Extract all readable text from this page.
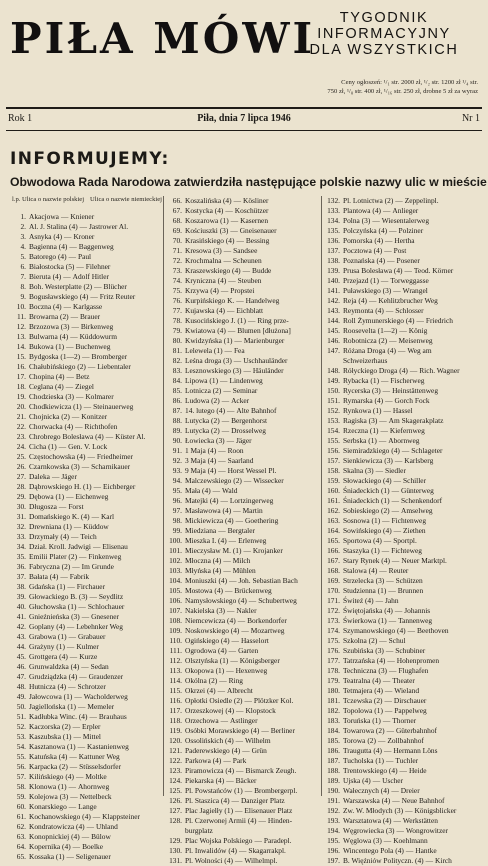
PIŁA MÓWI	TYGODNIK
INFORMACYJNY
DLA WSZYSTKICH
Ceny ogłoszeń: ¹/₁ str. 2000 zł, ¹/₂ str. 1200 zł ¹/₄ str.
750 zł, ¹/₈ str. 400 zł, ¹/₁₆ str. 250 zł, drobne 5 zł za wyraz
Rok 1	Piła, dnia 7 lipca 1946	Nr 1
INFORMUJEMY:
Obwodowa Rada Narodowa zatwierdziła następujące polskie nazwy ulic w mieście
l.p. Ulica o nazwie polskiej Ulica o nazwie niemieckiej
1. Akacjowa — Kniener
2. Al. J. Stalina (4) — Jastrower Al.
3. Asnyka (4) — Kroner
4. Bagienna (4) — Baggenweg
5. Batorego (4) — Paul
6. Białostocka (5) — Filehner
7. Bieruta (4) — Adolf Hitler
8. Boh. Westerplatte (2) — Blücher
9. Bogusławskiego (4) — Fritz Reuter
10. Boczna (4) — Karlgasse
11. Browarna (2) — Brauer
12. Brzozowa (3) — Birkenweg
13. Bulwarna (4) — Küddowurm
14. Bukowa (1) — Buchenweg
15. Bydgoska (1—2) — Bromberger
16. Chałubińskiego (2) — Liebentaler
17. Chopina (4) — Betz
18. Ceglana (4) — Ziegel
19. Chodzieska (3) — Kolmarer
20. Chodkiewicza (1) — Steinauerweg
21. Chojnicka (2) — Konitzer
22. Chorwacka (4) — Richthofen
23. Chrobrego Bolesława (4) — Küster Al.
24. Cicha (1) — Gen. V. Lock
25. Częstochowska (4) — Friedheimer
26. Czarnkowska (3) — Scharnikauer
27. Daleka — Jäger
28. Dąbrowskiego H. (1) — Eichberger
29. Dębowa (1) — Eichenweg
30. Długosza — Forst
31. Domańskiego K. (4) — Karl
32. Drewniana (1) — Küddow
33. Drzymały (4) — Teich
34. Dział. Kroll. Jadwigi — Elisenau
35. Emilii Plater (2) — Finkenweg
36. Fabryczna (2) — Im Grunde
37. Bałata (4) — Fabrik
38. Gdańska (1) — Firchauer
39. Głowackiego B. (3) — Seydlitz
40. Głuchowska (1) — Schlochauer
41. Gnieźnieńska (3) — Gnesener
42. Goplany (4) — Lebehnker Weg
43. Grabowa (1) — Grabauer
44. Grażyny (1) — Kulmer
45. Grottgera (4) — Kurze
46. Grunwaldzka (4) — Sedan
47. Grudziądzka (4) — Graudenzer
48. Hutnicza (4) — Schrotzer
49. Jałowcowa (1) — Wacholderweg
50. Jagiellońska (1) — Memeler
51. Kadłubka Winc. (4) — Brauhaus
52. Kaczorska (2) — Erpler
53. Kaszubska (1) — Mittel
54. Kasztanowa (1) — Kastanienweg
55. Katuńska (4) — Kattuner Weg
56. Karpacka (2) — Stüsselsdorfer
57. Kilińskiego (4) — Moltke
58. Klonowa (1) — Ahornweg
59. Kolejowa (3) — Nettelbeck
60. Konarskiego — Lange
61. Kochanowskiego (4) — Klappsteiner
62. Kondratowicza (4) — Uhland
63. Konopnickiej (4) — Bülow
64. Kopernika (4) — Boelke
65. Kossaka (1) — Seligenauer
66. Koszalińska (4) — Kösliner
67. Kostycka (4) — Koschützer
68. Koszarowa (1) — Kasernen
69. Kościuszki (3) — Gneisenauer
70. Krasińskiego (4) — Bessing
71. Kresowa (3) — Sandsee
72. Krochmalna — Scheunen
73. Kraszewskiego (4) — Budde
74. Kryniczna (4) — Steuben
75. Krzywa (4) — Propstei
76. Kurpińskiego K. — Handelweg
77. Kujawska (4) — Eichblatt
78. Kusocińskiego J. (1) — Ring prze-
79. Kwiatowa (4) — Blumen [dłużona]
80. Kwidzyńska (1) — Marienburger
81. Lelewela (1) — Fea
82. Leśna droga (3) — Uschhauländer
83. Lesznowskiego (3) — Häuländer
84. Lipowa (1) — Lindenweg
85. Lotnicza (2) — Seminar
86. Ludowa (2) — Acker
87. 14. lutego (4) — Alte Bahnhof
88. Lutycka (2) — Bergenhorst
89. Lutycka (2) — Drosselweg
90. Łowiecka (3) — Jäger
91. 1 Maja (4) — Roon
92. 3 Maja (4) — Saarland
93. 9 Maja (4) — Horst Wessel Pl.
94. Malczewskiego (2) — Wissecker
95. Mała (4) — Wald
96. Matejki (4) — Lortzingerweg
97. Masławowa (4) — Martin
98. Mickiewicza (4) — Goethering
99. Miedziana — Bergtaler
100. Mieszka I. (4) — Erlenweg
101. Mieczysław M. (1) — Krojanker
102. Młoczna (4) — Milch
103. Młyńska (4) — Mühlen
104. Moniuszki (4) — Joh. Sebastian Bach
105. Mostowa (4) — Brückenweg
106. Namysłowskiego (4) — Schubertweg
107. Nakielska (3) — Nakler
108. Niemcewicza (4) — Borkendorfer
109. Noskowskiego (4) — Mozartweg
110. Ogińskiego (4) — Hasselort
111. Ogrodowa (4) — Garten
112. Olsztyńska (1) — Königsberger
113. Okopowa (1) — Hexenweg
114. Okólna (2) — Ring
115. Okrzei (4) — Albrecht
116. Opłotki Osiedle (2) — Plötzker Kol.
117. Orzeszkowej (4) — Klopstock
118. Orzechowa — Astlinger
119. Osóbki Morawskiego (4) — Berliner
120. Ossolińskich (4) — Wilhelm
121. Paderewskiego (4) — Grün
122. Parkowa (4) — Park
123. Piramowicza (4) — Bismarck Zeugh.
124. Piekarska (4) — Bäcker
125. Pl. Powstańców (1) — Brombergerpl.
126. Pl. Staszica (4) — Danziger Platz
127. Plac Jagielły (1) — Elisenauer Platz
128. Pl. Czerwonej Armii (4) — Hinden-
burgplatz
129. Plac Wojska Polskiego — Paradepl.
130. Pl. Inwalidów (4) — Skagarrakpl.
131. Pl. Wolności (4) — Wilhelmpl.
132. Pl. Lotnictwa (2) — Zeppelinpl.
133. Plantowa (4) — Anlieger
134. Polna (3) — Wiesentalerweg
135. Polczyńska (4) — Polziner
136. Pomorska (4) — Hertha
137. Pocztowa (4) — Post
138. Poznańska (4) — Posener
139. Prusa Bolesława (4) — Teod. Körner
140. Przejazd (1) — Torweggasse
141. Puławskiego (3) — Wrangel
142. Reja (4) — Kehlitzbrucher Weg
143. Reymonta (4) — Schlosser
144. Roll Żymunerskiego (4) — Friedrich
145. Roosevelta (1—2) — König
146. Robotnicza (2) — Meisenweg
147. Różana Droga (4) — Weg am
Schweizerhaus
148. Rółyckiego Droga (4) — Rich. Wagner
149. Rybacka (1) — Fischerweg
150. Rycerska (3) — Heinstättenweg
151. Rymarska (4) — Gorch Fock
152. Rynkowa (1) — Hassel
153. Ragiska (3) — Am Skagerakplatz
154. Rzeczna (1) — Kiefernweg
155. Serbska (1) — Abornweg
156. Siemiradzkiego (4) — Schlageter
157. Sienkiewicza (3) — Karlsberg
158. Skalna (3) — Siedler
159. Słowackiego (4) — Schiller
160. Śniadeckich (1) — Günterweg
161. Śniadeckich (1) — Schenkendorf
162. Sobieskiego (2) — Amselweg
163. Sosnowa (1) — Fichtenweg
164. Sowińskiego (4) — Ziethen
165. Sportowa (4) — Sportpl.
166. Staszyka (1) — Fichteweg
167. Stary Rynek (4) — Neuer Marktpl.
168. Stalowa (4) — Reuter
169. Strzelecka (3) — Schützen
170. Studzienna (1) — Brunnen
171. Świteź (4) — Jahn
172. Świętojańska (4) — Johannis
173. Świerkowa (1) — Tannenweg
174. Szymanowskiego (4) — Beethoven
175. Szkolna (2) — Schul
176. Szubińska (3) — Schubiner
177. Tatrzańska (4) — Hohenpromen
178. Techniczna (3) — Flughafen
179. Teatralna (4) — Theater
180. Tetmajera (4) — Wieland
181. Tczewska (2) — Dirschauer
182. Topolowa (1) — Pappelweg
183. Toruńska (1) — Thorner
184. Towarowa (2) — Güterbahnhof
185. Torowa (2) — Zollbahnhof
186. Traugutta (4) — Hermann Löns
187. Tucholska (1) — Tuchler
188. Trentowskiego (4) — Heide
189. Ujska (4) — Uscher
190. Wałecznych (4) — Dreier
191. Warszawska (4) — Neue Bahnhof
192. Zw. W. Młodych (3) — Königsblicker
193. Warsztatowa (4) — Werkstätten
194. Węgrowiecka (3) — Wongrowitzer
195. Węglowa (3) — Koehlmann
196. Wincentego Pola (4) — Hantke
197. B. Więźniów Polityczn. (4) — Kirch
